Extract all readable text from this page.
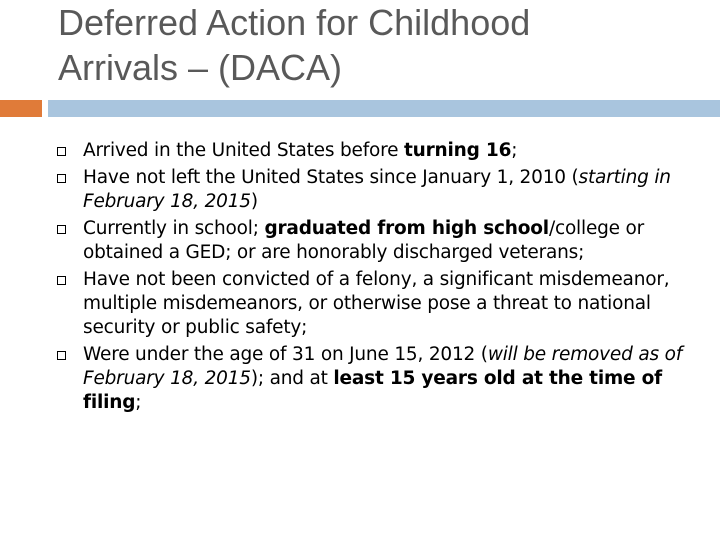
Deferred Action for Childhood
Arrivals – (DACA)
Arrived in the United States before turning 16;
Have not left the United States since January 1, 2010 (starting in February 18, 2015)
Currently in school; graduated from high school/college or obtained a GED; or are honorably discharged veterans;
Have not been convicted of a felony, a significant misdemeanor, multiple misdemeanors, or otherwise pose a threat to national security or public safety;
Were under the age of 31 on June 15, 2012 (will be removed as of February 18, 2015); and at least 15 years old at the time of filing;
